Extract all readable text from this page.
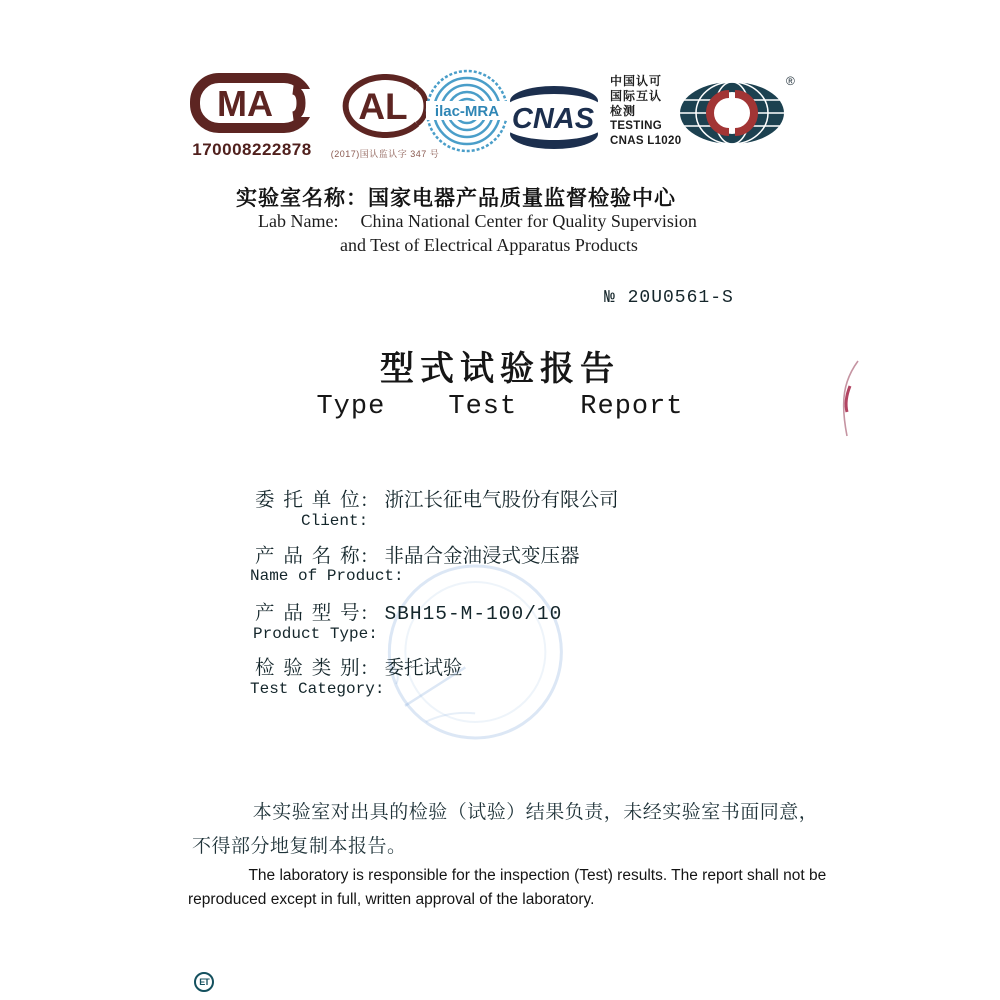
MA
170008222878
AL
(2017)国认监认字 347 号
ilac-MRA CNAS
中国认可
国际互认
检测
TESTING
CNAS L1020
®
实验室名称：国家电器产品质量监督检验中心
Lab Name: China National Center for Quality Supervision
and Test of Electrical Apparatus Products
№ 20U0561-S
型式试验报告
Type Test Report
委 托 单 位: 浙江长征电气股份有限公司
Client:
产 品 名 称: 非晶合金油浸式变压器
Name of Product:
产 品 型 号: SBH15-M-100/10
Product Type:
检 验 类 别: 委托试验
Test Category:
本实验室对出具的检验（试验）结果负责，未经实验室书面同意，不得部分地复制本报告。
The laboratory is responsible for the inspection (Test) results. The report shall not be reproduced except in full, written approval of the laboratory.
ET
